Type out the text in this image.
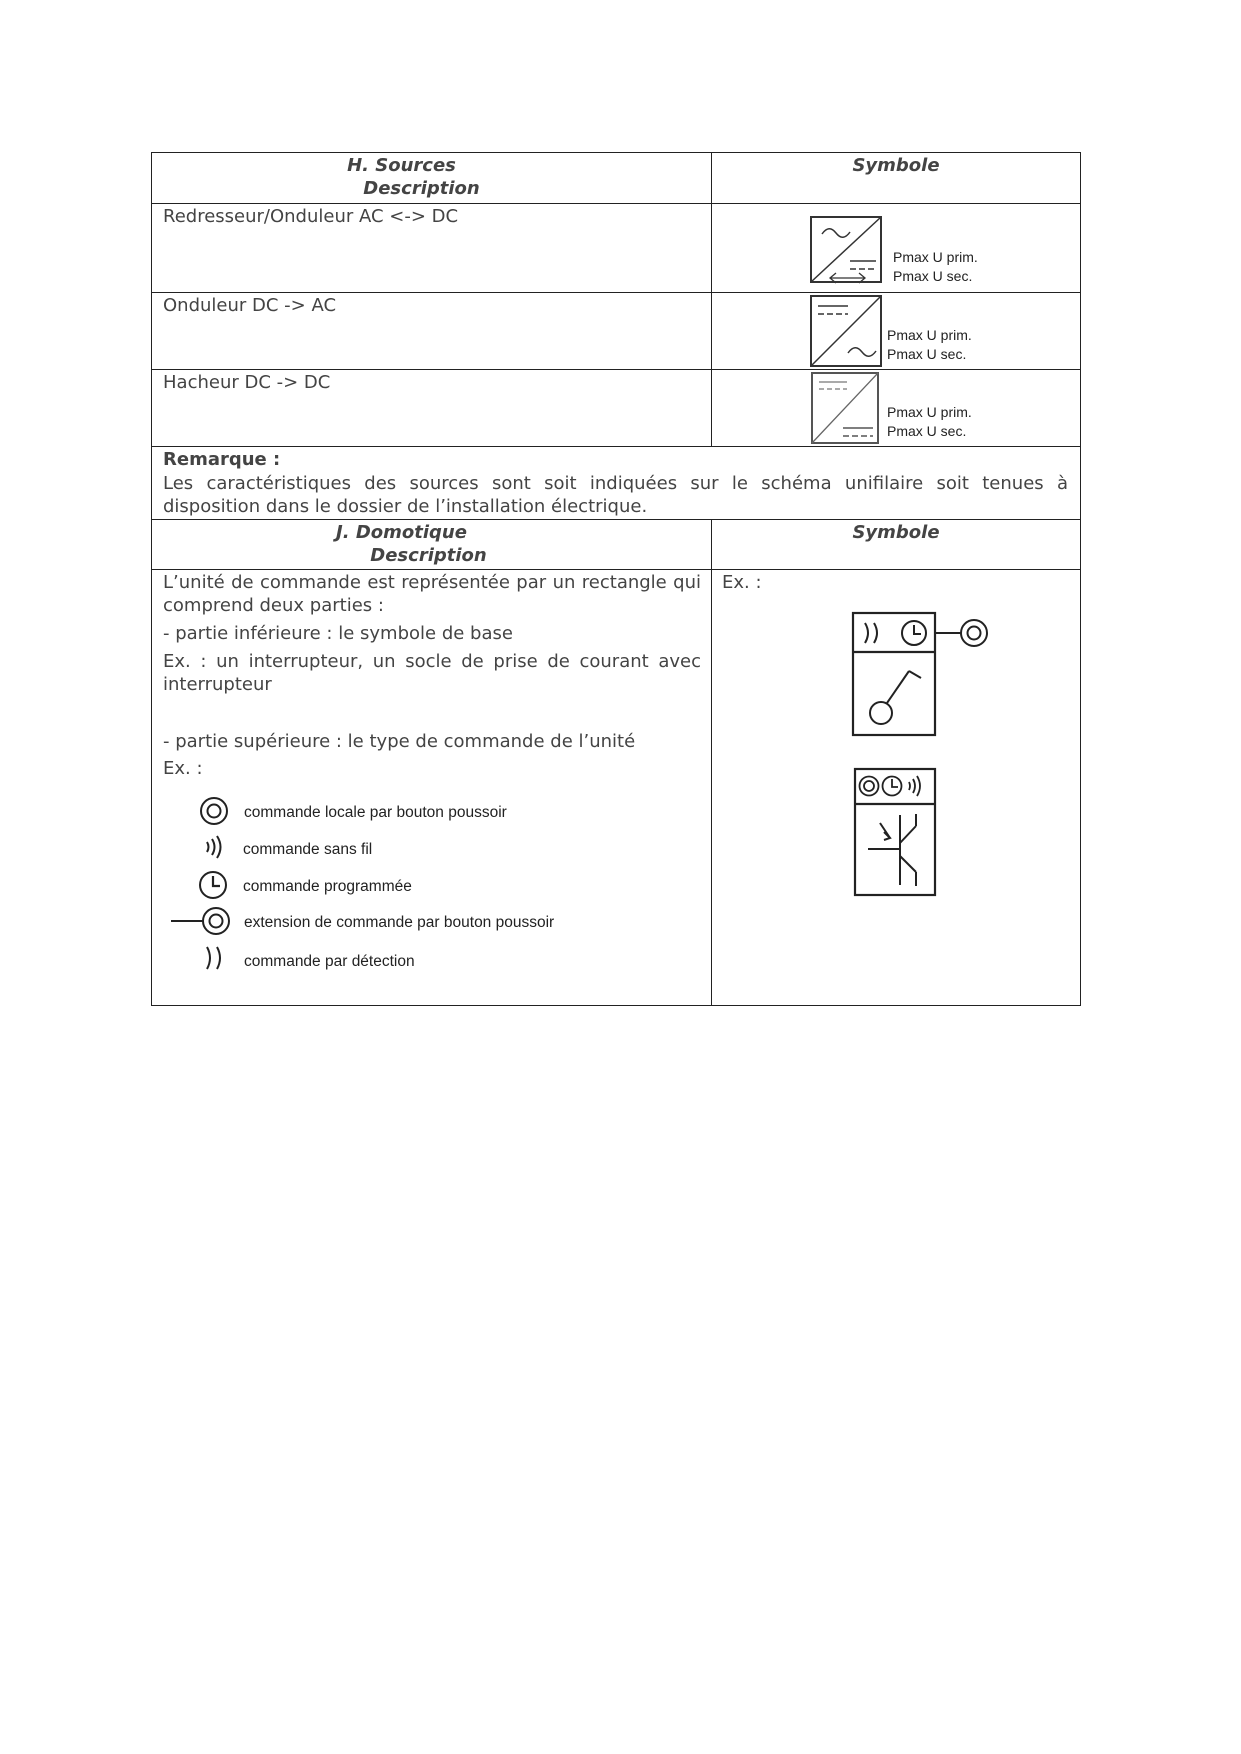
H. Sources
Description
Symbole
Redresseur/Onduleur AC <-> DC
Pmax U prim.
Pmax U sec.
Onduleur DC -> AC
Pmax U prim.
Pmax U sec.
Hacheur DC -> DC
Pmax U prim.
Pmax U sec.
Remarque :
Les caractéristiques des sources sont soit indiquées sur le schéma unifilaire soit tenues à disposition dans le dossier de l’installation électrique.
J. Domotique
Description
Symbole
L’unité de commande est représentée par un rectangle qui comprend deux parties :
- partie inférieure : le symbole de base
Ex. : un interrupteur, un socle de prise de courant avec interrupteur
- partie supérieure : le type de commande de l’unité
Ex. :
commande locale par bouton poussoir
commande sans fil
commande programmée
extension de commande par bouton poussoir
commande par détection
Ex. :
